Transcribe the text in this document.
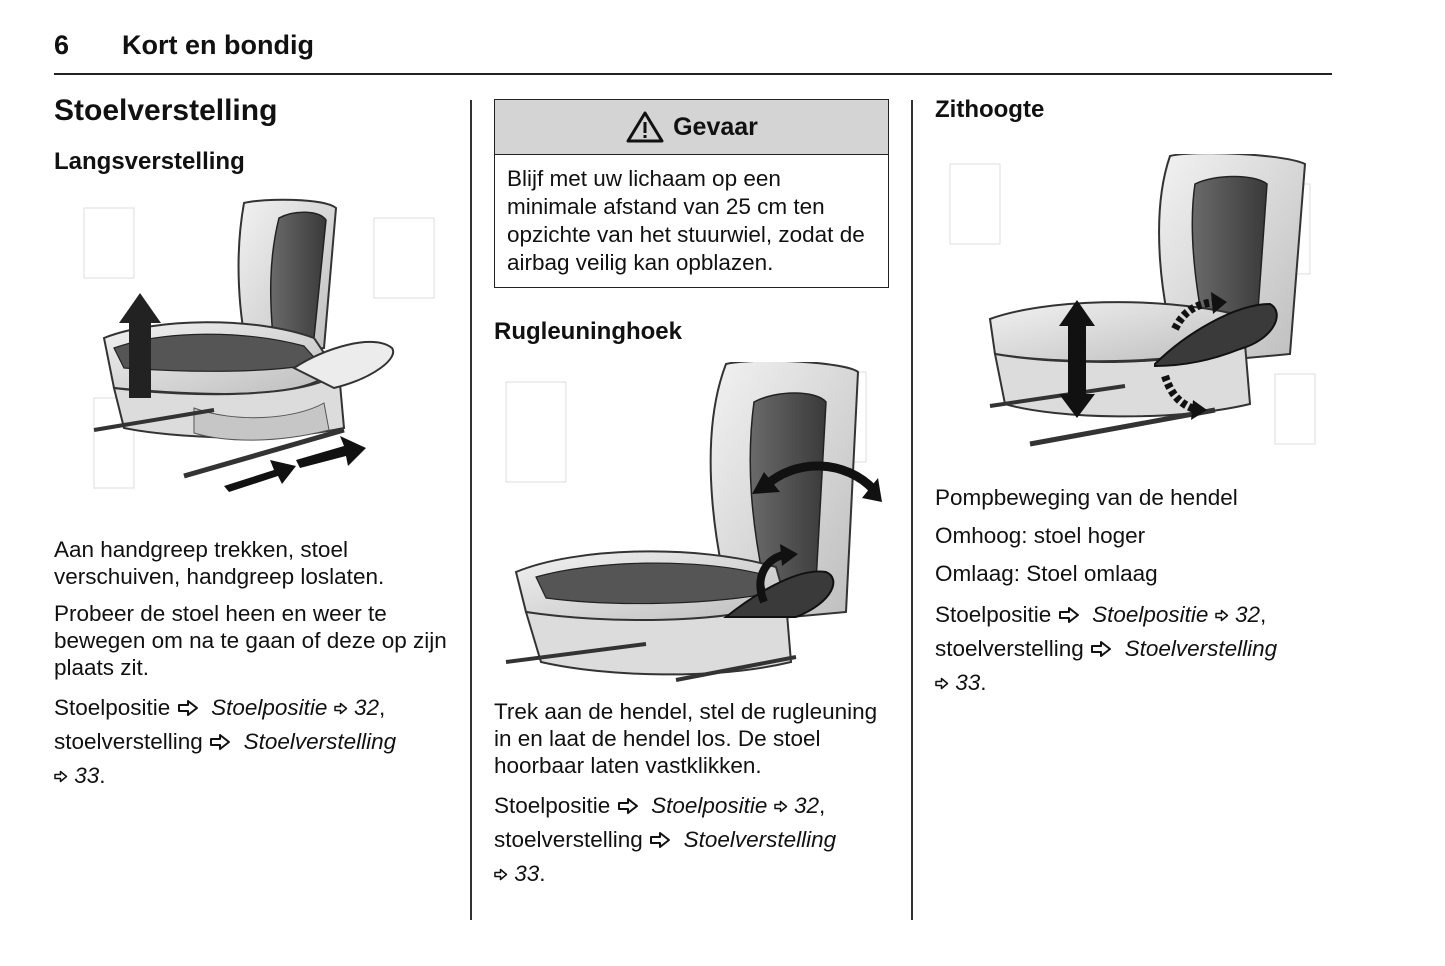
6 Kort en bondig
Stoelverstelling
Langsverstelling

Aan handgreep trekken, stoel verschuiven, handgreep loslaten.

Probeer de stoel heen en weer te bewegen om na te gaan of deze op zijn plaats zit.

Stoelpositie Stoelpositie 32,
stoelverstelling Stoelverstelling
33.
Gevaar
Blijf met uw lichaam op een minimale afstand van 25 cm ten opzichte van het stuurwiel, zodat de airbag veilig kan opblazen.
Rugleuninghoek

Trek aan de hendel, stel de rugleuning in en laat de hendel los. De stoel hoorbaar laten vastklikken.

Stoelpositie Stoelpositie 32,
stoelverstelling Stoelverstelling
33.
Zithoogte

Pompbeweging van de hendel

Omhoog: stoel hoger

Omlaag: Stoel omlaag

Stoelpositie Stoelpositie 32,
stoelverstelling Stoelverstelling
33.
